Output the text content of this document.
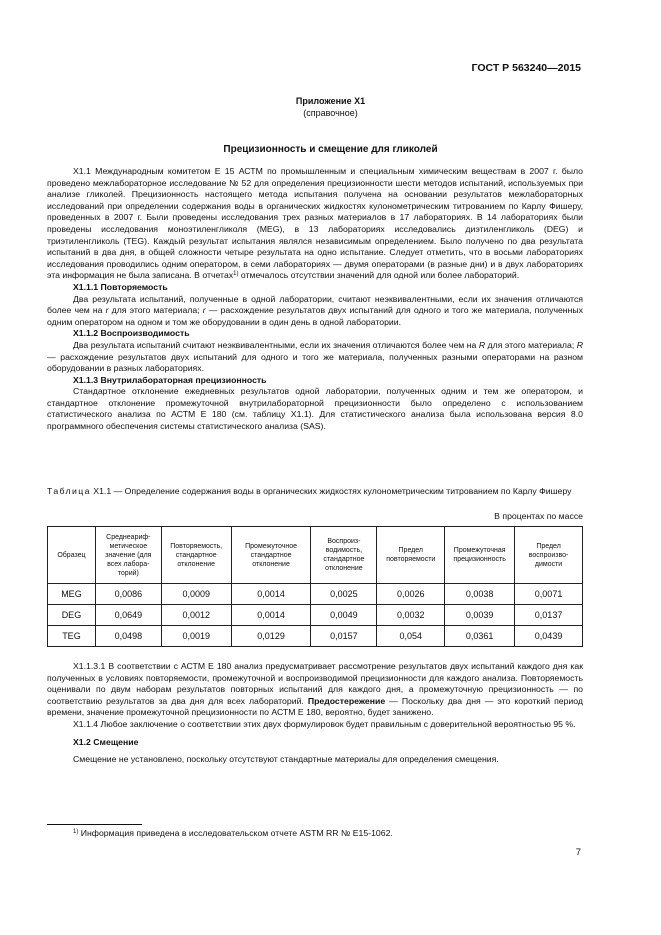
ГОСТ Р 563240—2015
Приложение X1
(справочное)
Прецизионность и смещение для гликолей

X1.1 Международным комитетом Е 15 АСТМ по промышленным и специальным химическим веществам в 2007 г. было проведено межлабораторное исследование № 52 для определения прецизионности шести методов испытаний, используемых при анализе гликолей. Прецизионность настоящего метода испытания получена на основании результатов межлабораторных исследований при определении содержания воды в органических жидкостях кулонометрическим титрованием по Карлу Фишеру, проведенных в 2007 г. Были проведены исследования трех разных материалов в 17 лабораториях. В 14 лабораториях были проведены исследования моноэтиленгликоля (MEG), в 13 лабораториях исследовались диэтиленгликоль (DEG) и триэтиленгликоль (TEG). Каждый результат испытания являлся независимым определением. Было получено по два результата испытаний в два дня, в общей сложности четыре результата на одно испытание. Следует отметить, что в восьми лабораториях исследования проводились одним оператором, в семи лабораториях — двумя операторами (в разные дни) и в двух лабораториях эта информация не была записана. В отчетах$^{1)}$ отмечалось отсутствии значений для одной или более лабораторий.

X1.1.1 Повторяемость

Два результата испытаний, полученные в одной лаборатории, считают неэквивалентными, если их значения отличаются более чем на r для этого материала; r — расхождение результатов двух испытаний для одного и того же материала, полученных одним оператором на одном и том же оборудовании в один день в одной лаборатории.

X1.1.2 Воспроизводимость

Два результата испытаний считают неэквивалентными, если их значения отличаются более чем на R для этого материала; R — расхождение результатов двух испытаний для одного и того же материала, полученных разными операторами на разном оборудовании в разных лабораториях.

X1.1.3 Внутрилабораторная прецизионность

Стандартное отклонение ежедневных результатов одной лаборатории, полученных одним и тем же оператором, и стандартное отклонение промежуточной внутрилабораторной прецизионности было определено с использованием статистического анализа по АСТМ Е 180 (см. таблицу X1.1). Для статистического анализа была использована версия 8.0 программного обеспечения системы статистического анализа (SAS).

Таблица X1.1 — Определение содержания воды в органических жидкостях кулонометрическим титрованием по Карлу Фишеру
В процентах по массе
Образец	Среднеариф-метическое значение (для всех лабора-торий)	Повторяемость, стандартное отклонение	Промежуточное стандартное отклонение	Воспроиз-водимость, стандартное отклонение	Предел повторяемости	Промежуточная прецизионность	Предел воспроизво-димости
MEG	0,0086	0,0009	0,0014	0,0025	0,0026	0,0038	0,0071
DEG	0,0649	0,0012	0,0014	0,0049	0,0032	0,0039	0,0137
TEG	0,0498	0,0019	0,0129	0,0157	0,054	0,0361	0,0439

X1.1.3.1 В соответствии с АСТМ Е 180 анализ предусматривает рассмотрение результатов двух испытаний каждого дня как полученных в условиях повторяемости, промежуточной и воспроизводимой прецизионности для каждого анализа. Повторяемость оценивали по двум наборам результатов повторных испытаний для каждого дня, а промежуточную прецизионность — по соответствию результатов за два дня для всех лабораторий. Предостережение — Поскольку два дня — это короткий период времени, значение промежуточной прецизионности по АСТМ Е 180, вероятно, будет занижено.

X1.1.4 Любое заключение о соответствии этих двух формулировок будет правильным с доверительной вероятностью 95 %.

X1.2 Смещение

Смещение не установлено, поскольку отсутствуют стандартные материалы для определения смещения.

$^{1)}$ Информация приведена в исследовательском отчете ASTM RR № E15-1062.
7
